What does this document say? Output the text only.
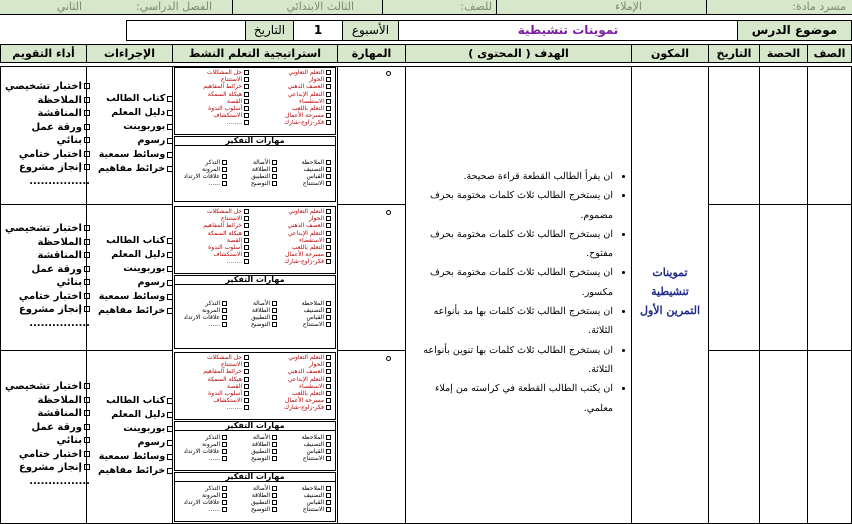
مسرد مادة:
الإملاء
للصف:
الثالث الابتدائي
الفصل الدراسي:
الثاني
موضوع الدرس
تموينات تنشيطية
الأسبوع
1
التاريخ
الصف
الحصة
التاريخ
المكون
الهدف ( المحتوى )
المهارة
استراتيجية التعلم النشط
الإجراءات
أداء التقويم
تموينات تنشيطية التمرين الأول
• ان يقرأ الطالب القطعة قراءة صحيحة.
• ان يستخرج الطالب ثلاث كلمات مختومة بحرف مضموم.
• ان يستخرج الطالب ثلاث كلمات مختومة بحرف مفتوح.
• ان يستخرج الطالب ثلاث كلمات مختومة بحرف مكسور.
• ان يستخرج الطالب ثلاث كلمات بها مد بأنواعه الثلاثة.
• ان يستخرج الطالب ثلاث كلمات بها تنوين بأنواعه الثلاثة.
• ان يكتب الطالب القطعة في كراسته من إملاء معلمي.
التعلم التعاوني
الحوار
العصف الذهني
التعلم الإبداعي
الاستقصاء
التعلم باللعب
مسرحة الأعمال
فكر-زاوج-شارك
حل المشكلات
الاستنتاج
خرائط المفاهيم
هيكلة السمكة
القصة
أسلوب الندوة
الاستكشاف
........
مهارات التفكير
الملاحظة
التصنيف
القياس
الاستنتاج
الأصالة
الطلاقة
التطبيق
التوضيح
التذكر
المرونة
علاقات الارتداد
......
كتاب الطالب
دليل المعلم
بوربوينت
رسوم
وسائط سمعية
خرائط مفاهيم
اختبار تشخيصي
الملاحظة
المناقشة
ورقة عمل
بنائي
اختبار ختامي
إنجاز مشروع
................
التعلم التعاوني
الحوار
العصف الذهني
التعلم الإبداعي
الاستقصاء
التعلم باللعب
مسرحة الأعمال
فكر-زاوج-شارك
حل المشكلات
الاستنتاج
خرائط المفاهيم
هيكلة السمكة
القصة
أسلوب الندوة
الاستكشاف
........
مهارات التفكير
الملاحظة
التصنيف
القياس
الاستنتاج
الأصالة
الطلاقة
التطبيق
التوضيح
التذكر
المرونة
علاقات الارتداد
......
كتاب الطالب
دليل المعلم
بوربوينت
رسوم
وسائط سمعية
خرائط مفاهيم
اختبار تشخيصي
الملاحظة
المناقشة
ورقة عمل
بنائي
اختبار ختامي
إنجاز مشروع
................
التعلم التعاوني
الحوار
العصف الذهني
التعلم الإبداعي
الاستقصاء
التعلم باللعب
مسرحة الأعمال
فكر-زاوج-شارك
حل المشكلات
الاستنتاج
خرائط المفاهيم
هيكلة السمكة
القصة
أسلوب الندوة
الاستكشاف
........
مهارات التفكير
الملاحظة
التصنيف
القياس
الاستنتاج
الأصالة
الطلاقة
التطبيق
التوضيح
التذكر
المرونة
علاقات الارتداد
......
مهارات التفكير
الملاحظة
التصنيف
القياس
الاستنتاج
الأصالة
الطلاقة
التطبيق
التوضيح
التذكر
المرونة
علاقات الارتداد
......
كتاب الطالب
دليل المعلم
بوربوينت
رسوم
وسائط سمعية
خرائط مفاهيم
اختبار تشخيصي
الملاحظة
المناقشة
ورقة عمل
بنائي
اختبار ختامي
إنجاز مشروع
................
